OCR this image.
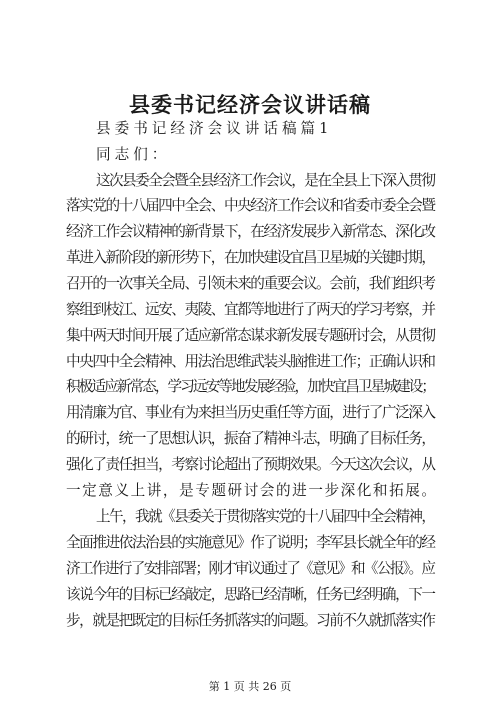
县委书记经济会议讲话稿
县委书记经济会议讲话稿篇1
同志们：
这次县委全会暨全县经济工作会议，是在全县上下深入贯彻
落实党的十八届四中全会、中央经济工作会议和省委市委全会暨
经济工作会议精神的新背景下，在经济发展步入新常态、深化改
革进入新阶段的新形势下，在加快建设宜昌卫星城的关键时期，
召开的一次事关全局、引领未来的重要会议。会前，我们组织考
察组到枝江、远安、夷陵、宜都等地进行了两天的学习考察，并
集中两天时间开展了适应新常态谋求新发展专题研讨会，从贯彻
中央四中全会精神、用法治思维武装头脑推进工作；正确认识和
积极适应新常态，学习远安等地发展经验，加快宜昌卫星城建设；
用清廉为官、事业有为来担当历史重任等方面，进行了广泛深入
的研讨，统一了思想认识，振奋了精神斗志，明确了目标任务，
强化了责任担当，考察讨论超出了预期效果。今天这次会议，从
一定意义上讲，是专题研讨会的进一步深化和拓展。
上午，我就《县委关于贯彻落实党的十八届四中全会精神，
全面推进依法治县的实施意见》作了说明；李军县长就全年的经
济工作进行了安排部署；刚才审议通过了《意见》和《公报》。应
该说今年的目标已经敲定，思路已经清晰，任务已经明确，下一
步，就是把既定的目标任务抓落实的问题。习前不久就抓落实作
第 1 页 共 26 页
